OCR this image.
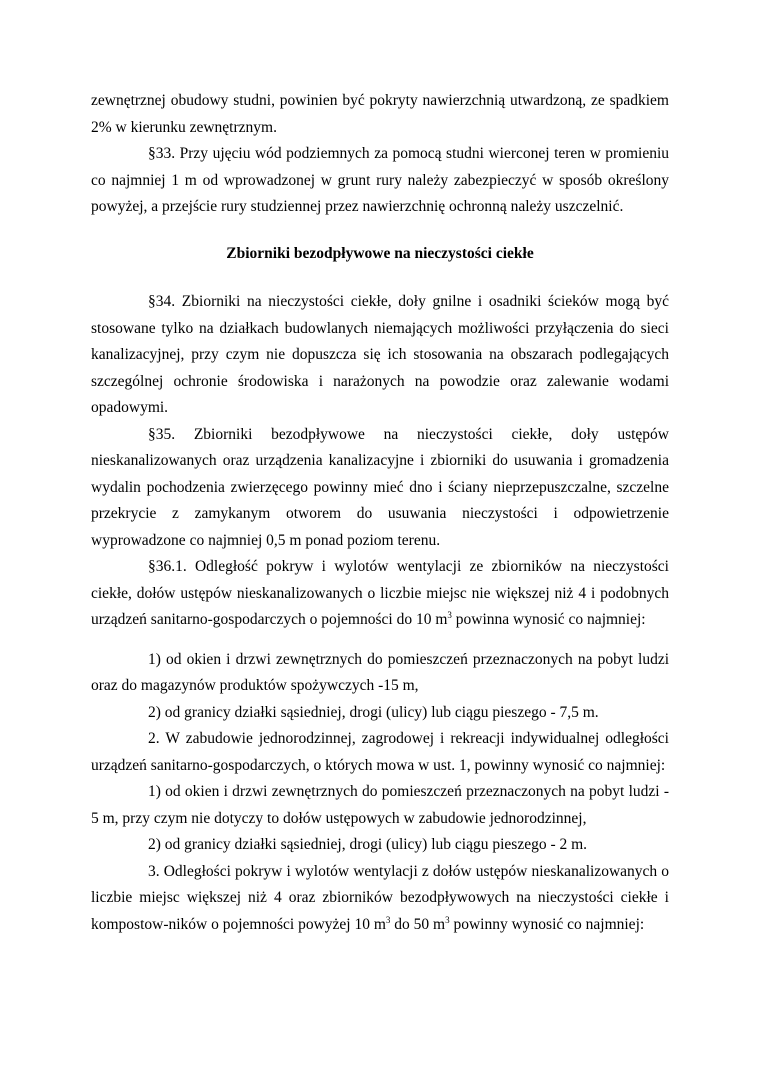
zewnętrznej obudowy studni, powinien być pokryty nawierzchnią utwardzoną, ze spadkiem 2% w kierunku zewnętrznym.

§33. Przy ujęciu wód podziemnych za pomocą studni wierconej teren w promieniu co najmniej 1 m od wprowadzonej w grunt rury należy zabezpieczyć w sposób określony powyżej, a przejście rury studziennej przez nawierzchnię ochronną należy uszczelnić.

Zbiorniki bezodpływowe na nieczystości ciekłe

§34. Zbiorniki na nieczystości ciekłe, doły gnilne i osadniki ścieków mogą być stosowane tylko na działkach budowlanych niemających możliwości przyłączenia do sieci kanalizacyjnej, przy czym nie dopuszcza się ich stosowania na obszarach podlegających szczególnej ochronie środowiska i narażonych na powodzie oraz zalewanie wodami opadowymi.

§35. Zbiorniki bezodpływowe na nieczystości ciekłe, doły ustępów nieskanalizowanych oraz urządzenia kanalizacyjne i zbiorniki do usuwania i gromadzenia wydalin pochodzenia zwierzęcego powinny mieć dno i ściany nieprzepuszczalne, szczelne przekrycie z zamykanym otworem do usuwania nieczystości i odpowietrzenie wyprowadzone co najmniej 0,5 m ponad poziom terenu.

§36.1. Odległość pokryw i wylotów wentylacji ze zbiorników na nieczystości ciekłe, dołów ustępów nieskanalizowanych o liczbie miejsc nie większej niż 4 i podobnych urządzeń sanitarno-gospodarczych o pojemności do 10 $m^3$ powinna wynosić co najmniej:

1) od okien i drzwi zewnętrznych do pomieszczeń przeznaczonych na pobyt ludzi oraz do magazynów produktów spożywczych -15 m,

2) od granicy działki sąsiedniej, drogi (ulicy) lub ciągu pieszego - 7,5 m.

2. W zabudowie jednorodzinnej, zagrodowej i rekreacji indywidualnej odległości urządzeń sanitarno-gospodarczych, o których mowa w ust. 1, powinny wynosić co najmniej:

1) od okien i drzwi zewnętrznych do pomieszczeń przeznaczonych na pobyt ludzi - 5 m, przy czym nie dotyczy to dołów ustępowych w zabudowie jednorodzinnej,

2) od granicy działki sąsiedniej, drogi (ulicy) lub ciągu pieszego - 2 m.

3. Odległości pokryw i wylotów wentylacji z dołów ustępów nieskanalizowanych o liczbie miejsc większej niż 4 oraz zbiorników bezodpływowych na nieczystości ciekłe i kompostow-ników o pojemności powyżej 10 $m^3$ do 50 $m^3$ powinny wynosić co najmniej:
